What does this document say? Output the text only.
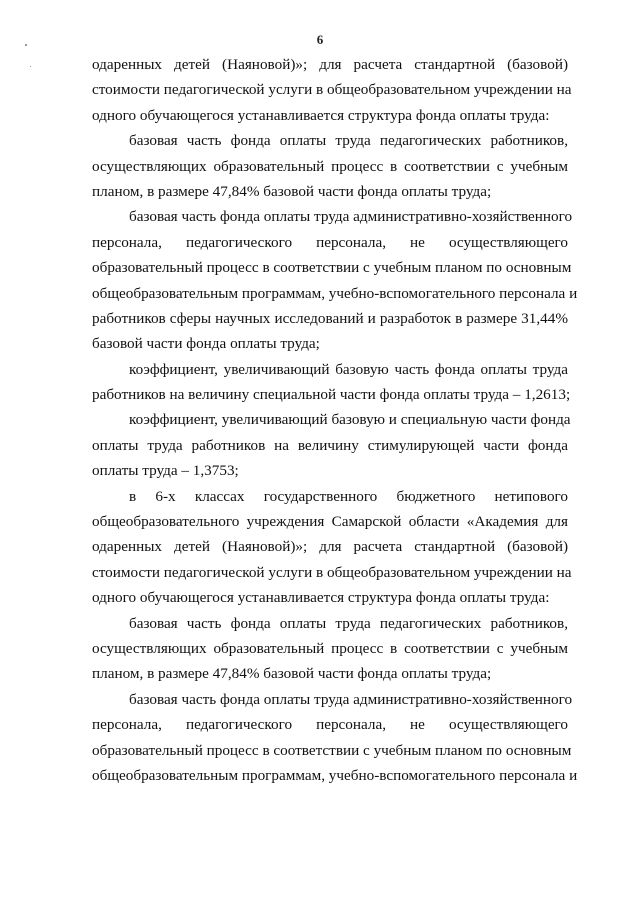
6
одаренных детей (Наяновой)»; для расчета стандартной (базовой)
стоимости педагогической услуги в общеобразовательном учреждении на
одного обучающегося устанавливается структура фонда оплаты труда:
базовая часть фонда оплаты труда педагогических работников,
осуществляющих образовательный процесс в соответствии с учебным
планом, в размере 47,84% базовой части фонда оплаты труда;
базовая часть фонда оплаты труда административно-хозяйственного
персонала, педагогического персонала, не осуществляющего
образовательный процесс в соответствии с учебным планом по основным
общеобразовательным программам, учебно-вспомогательного персонала и
работников сферы научных исследований и разработок в размере 31,44%
базовой части фонда оплаты труда;
коэффициент, увеличивающий базовую часть фонда оплаты труда
работников на величину специальной части фонда оплаты труда – 1,2613;
коэффициент, увеличивающий базовую и специальную части фонда
оплаты труда работников на величину стимулирующей части фонда
оплаты труда – 1,3753;
в 6-х классах государственного бюджетного нетипового
общеобразовательного учреждения Самарской области «Академия для
одаренных детей (Наяновой)»; для расчета стандартной (базовой)
стоимости педагогической услуги в общеобразовательном учреждении на
одного обучающегося устанавливается структура фонда оплаты труда:
базовая часть фонда оплаты труда педагогических работников,
осуществляющих образовательный процесс в соответствии с учебным
планом, в размере 47,84% базовой части фонда оплаты труда;
базовая часть фонда оплаты труда административно-хозяйственного
персонала, педагогического персонала, не осуществляющего
образовательный процесс в соответствии с учебным планом по основным
общеобразовательным программам, учебно-вспомогательного персонала и
